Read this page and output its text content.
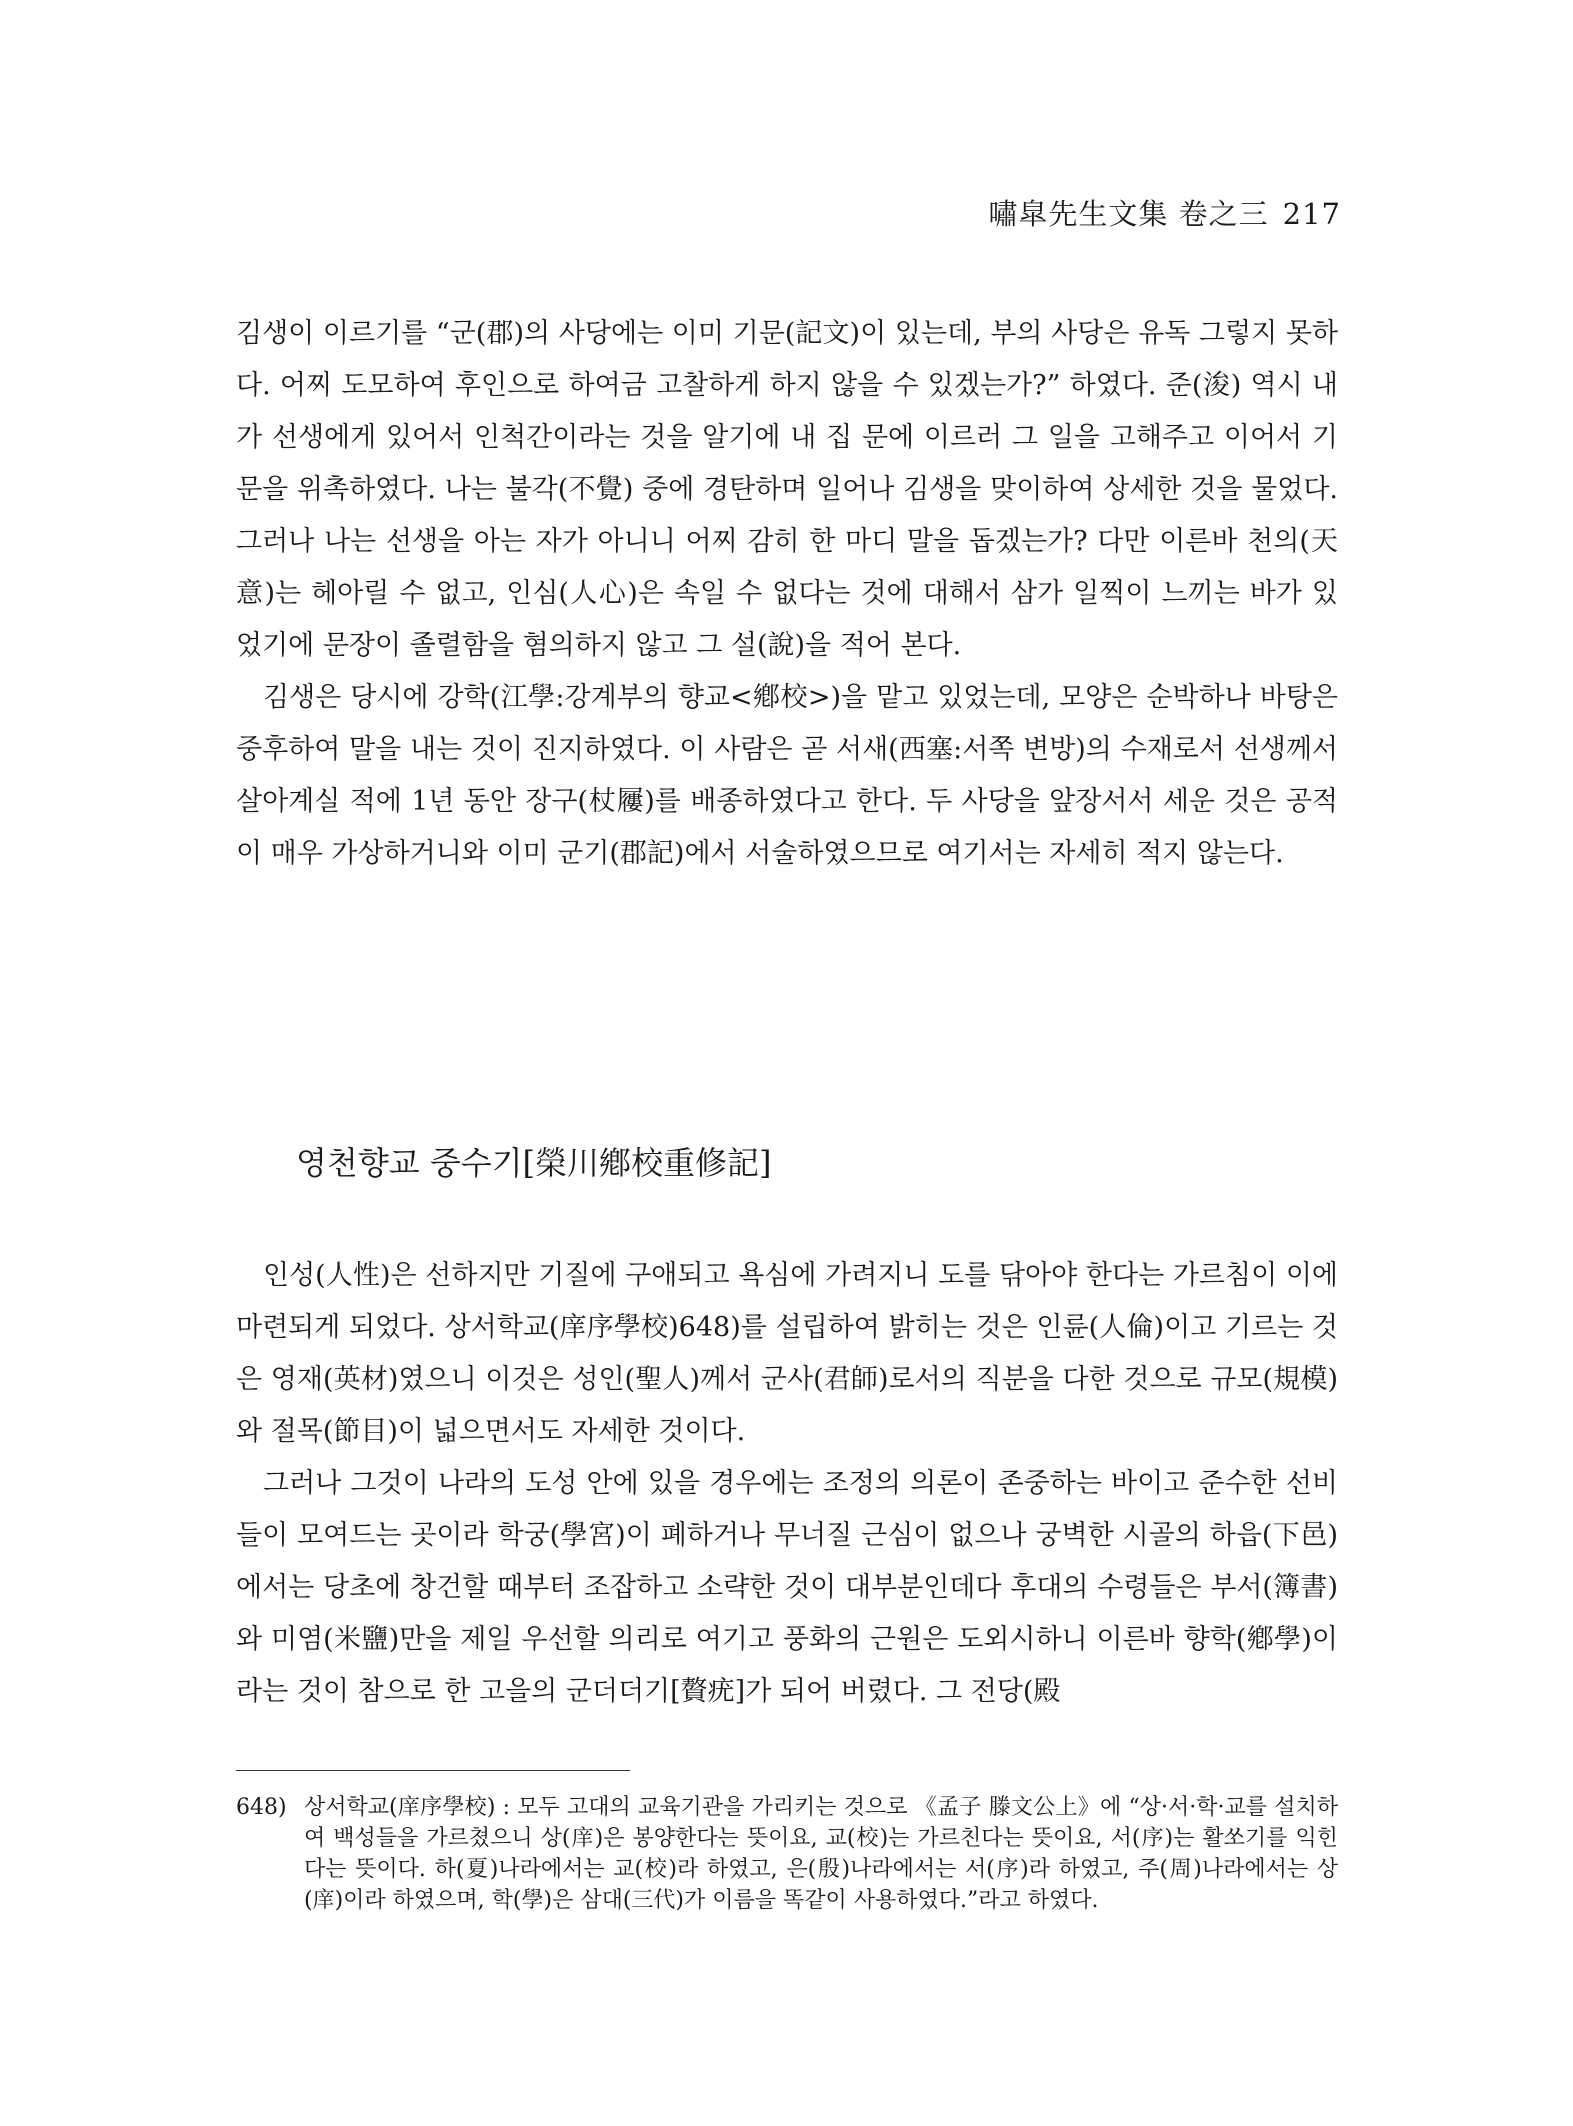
嘯皐先生文集 卷之三 217

김생이 이르기를 “군(郡)의 사당에는 이미 기문(記文)이 있는데, 부의 사당은 유독 그렇지 못하다. 어찌 도모하여 후인으로 하여금 고찰하게 하지 않을 수 있겠는가?” 하였다. 준(浚) 역시 내가 선생에게 있어서 인척간이라는 것을 알기에 내 집 문에 이르러 그 일을 고해주고 이어서 기문을 위촉하였다. 나는 불각(不覺) 중에 경탄하며 일어나 김생을 맞이하여 상세한 것을 물었다. 그러나 나는 선생을 아는 자가 아니니 어찌 감히 한 마디 말을 돕겠는가? 다만 이른바 천의(天意)는 헤아릴 수 없고, 인심(人心)은 속일 수 없다는 것에 대해서 삼가 일찍이 느끼는 바가 있었기에 문장이 졸렬함을 혐의하지 않고 그 설(說)을 적어 본다.

김생은 당시에 강학(江學:강계부의 향교<鄕校>)을 맡고 있었는데, 모양은 순박하나 바탕은 중후하여 말을 내는 것이 진지하였다. 이 사람은 곧 서새(西塞:서쪽 변방)의 수재로서 선생께서 살아계실 적에 1년 동안 장구(杖屨)를 배종하였다고 한다. 두 사당을 앞장서서 세운 것은 공적이 매우 가상하거니와 이미 군기(郡記)에서 서술하였으므로 여기서는 자세히 적지 않는다.

영천향교 중수기[榮川鄕校重修記]

인성(人性)은 선하지만 기질에 구애되고 욕심에 가려지니 도를 닦아야 한다는 가르침이 이에 마련되게 되었다. 상서학교(庠序學校)648)를 설립하여 밝히는 것은 인륜(人倫)이고 기르는 것은 영재(英材)였으니 이것은 성인(聖人)께서 군사(君師)로서의 직분을 다한 것으로 규모(規模)와 절목(節目)이 넓으면서도 자세한 것이다.

그러나 그것이 나라의 도성 안에 있을 경우에는 조정의 의론이 존중하는 바이고 준수한 선비들이 모여드는 곳이라 학궁(學宮)이 폐하거나 무너질 근심이 없으나 궁벽한 시골의 하읍(下邑)에서는 당초에 창건할 때부터 조잡하고 소략한 것이 대부분인데다 후대의 수령들은 부서(簿書)와 미염(米鹽)만을 제일 우선할 의리로 여기고 풍화의 근원은 도외시하니 이른바 향학(鄕學)이라는 것이 참으로 한 고을의 군더더기[贅疣]가 되어 버렸다. 그 전당(殿

648) 상서학교(庠序學校) : 모두 고대의 교육기관을 가리키는 것으로 《孟子 滕文公上》에 “상·서·학·교를 설치하여 백성들을 가르쳤으니 상(庠)은 봉양한다는 뜻이요, 교(校)는 가르친다는 뜻이요, 서(序)는 활쏘기를 익힌다는 뜻이다. 하(夏)나라에서는 교(校)라 하였고, 은(殷)나라에서는 서(序)라 하였고, 주(周)나라에서는 상(庠)이라 하였으며, 학(學)은 삼대(三代)가 이름을 똑같이 사용하였다.”라고 하였다.
